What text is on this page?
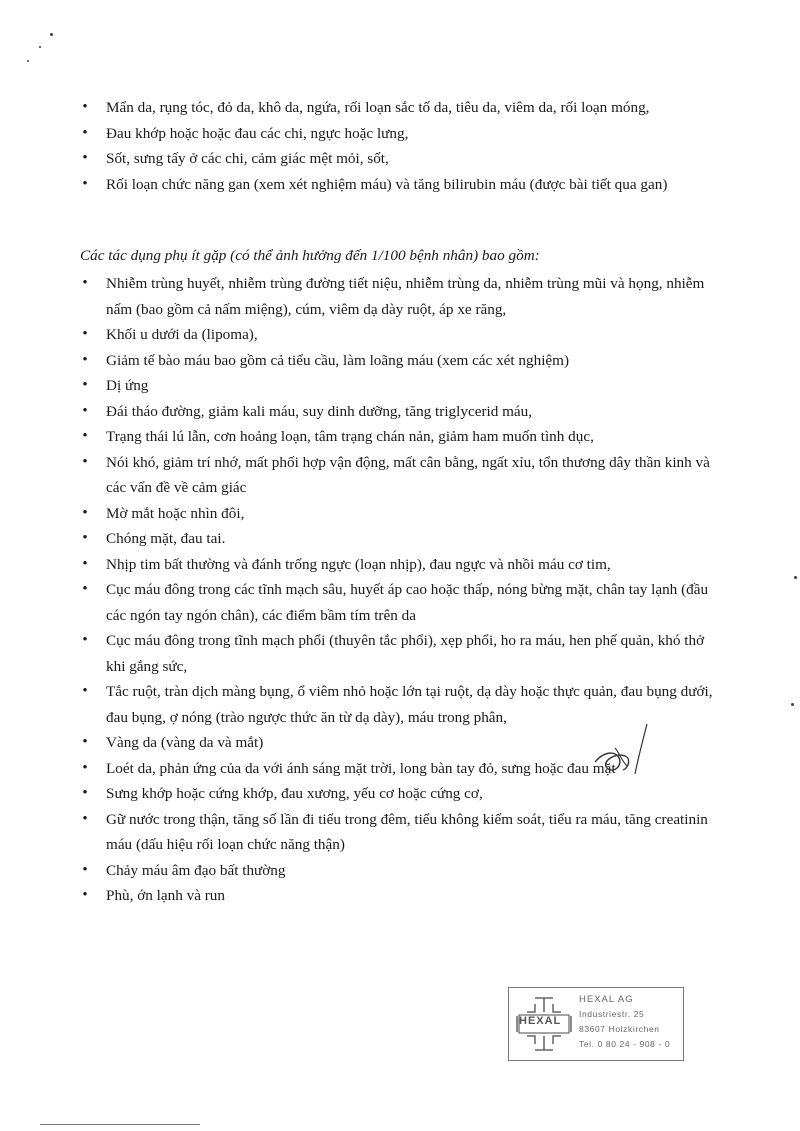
• Mẩn da, rụng tóc, đỏ da, khô da, ngứa, rối loạn sắc tố da, tiêu da, viêm da, rối loạn móng,
• Đau khớp hoặc hoặc đau các chi, ngực hoặc lưng,
• Sốt, sưng tấy ở các chi, cảm giác mệt mỏi, sốt,
• Rối loạn chức năng gan (xem xét nghiệm máu) và tăng bilirubin máu (được bài tiết qua gan)
Các tác dụng phụ ít gặp (có thể ảnh hưởng đến 1/100 bệnh nhân) bao gồm:
• Nhiễm trùng huyết, nhiễm trùng đường tiết niệu, nhiễm trùng da, nhiễm trùng mũi và họng, nhiễm nấm (bao gồm cả nấm miệng), cúm, viêm dạ dày ruột, áp xe răng,
• Khối u dưới da (lipoma),
• Giảm tế bào máu bao gồm cả tiểu cầu, làm loãng máu (xem các xét nghiệm)
• Dị ứng
• Đái tháo đường, giảm kali máu, suy dinh dưỡng, tăng triglycerid máu,
• Trạng thái lú lẫn, cơn hoảng loạn, tâm trạng chán nản, giảm ham muốn tình dục,
• Nói khó, giảm trí nhớ, mất phối hợp vận động, mất cân bằng, ngất xỉu, tổn thương dây thần kinh và các vấn đề về cảm giác
• Mờ mắt hoặc nhìn đôi,
• Chóng mặt, đau tai.
• Nhịp tim bất thường và đánh trống ngực (loạn nhịp), đau ngực và nhồi máu cơ tim,
• Cục máu đông trong các tĩnh mạch sâu, huyết áp cao hoặc thấp, nóng bừng mặt, chân tay lạnh (đầu các ngón tay ngón chân), các điểm bầm tím trên da
• Cục máu đông trong tĩnh mạch phổi (thuyên tắc phổi), xẹp phổi, ho ra máu, hen phế quản, khó thở khi gắng sức,
• Tắc ruột, tràn dịch màng bụng, ổ viêm nhỏ hoặc lớn tại ruột, dạ dày hoặc thực quản, đau bụng dưới, đau bụng, ợ nóng (trào ngược thức ăn từ dạ dày), máu trong phân,
• Vàng da (vàng da và mắt)
• Loét da, phản ứng của da với ánh sáng mặt trời, long bàn tay đỏ, sưng hoặc đau mặt
• Sưng khớp hoặc cứng khớp, đau xương, yếu cơ hoặc cứng cơ,
• Gữ nước trong thận, tăng số lần đi tiểu trong đêm, tiểu không kiểm soát, tiểu ra máu, tăng creatinin máu (dấu hiệu rối loạn chức năng thận)
• Chảy máu âm đạo bất thường
• Phù, ớn lạnh và run
HEXAL
HEXAL AG
Industriestr. 25
83607 Holzkirchen
Tel. 0 80 24 - 908 - 0
